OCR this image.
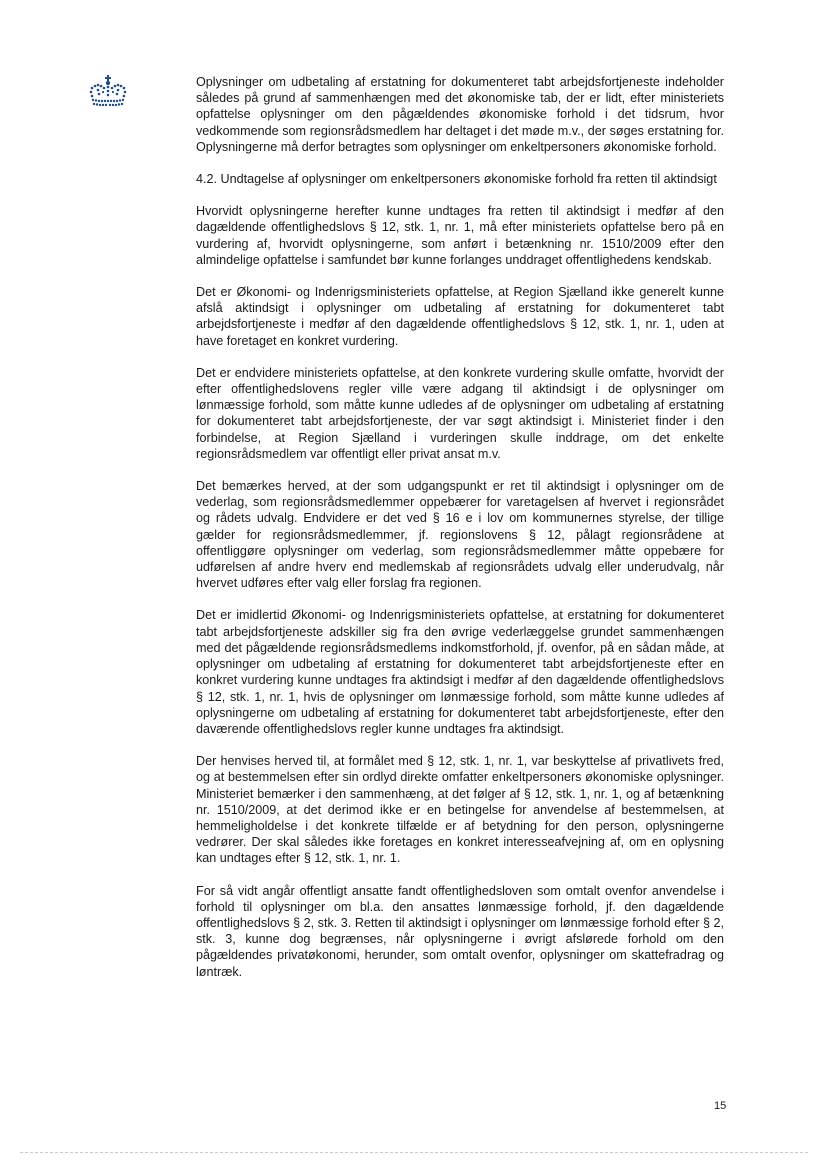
Oplysninger om udbetaling af erstatning for dokumenteret tabt arbejdsfortjeneste indeholder således på grund af sammenhængen med det økonomiske tab, der er lidt, efter ministeriets opfattelse oplysninger om den pågældendes økonomiske forhold i det tidsrum, hvor vedkommende som regionsrådsmedlem har deltaget i det møde m.v., der søges erstatning for. Oplysningerne må derfor betragtes som oplysninger om enkeltpersoners økonomiske forhold.

4.2. Undtagelse af oplysninger om enkeltpersoners økonomiske forhold fra retten til aktindsigt

Hvorvidt oplysningerne herefter kunne undtages fra retten til aktindsigt i medfør af den dagældende offentlighedslovs § 12, stk. 1, nr. 1, må efter ministeriets opfattelse bero på en vurdering af, hvorvidt oplysningerne, som anført i betænkning nr. 1510/2009 efter den almindelige opfattelse i samfundet bør kunne forlanges unddraget offentlighedens kendskab.

Det er Økonomi- og Indenrigsministeriets opfattelse, at Region Sjælland ikke generelt kunne afslå aktindsigt i oplysninger om udbetaling af erstatning for dokumenteret tabt arbejdsfortjeneste i medfør af den dagældende offentlighedslovs § 12, stk. 1, nr. 1, uden at have foretaget en konkret vurdering.

Det er endvidere ministeriets opfattelse, at den konkrete vurdering skulle omfatte, hvorvidt der efter offentlighedslovens regler ville være adgang til aktindsigt i de oplysninger om lønmæssige forhold, som måtte kunne udledes af de oplysninger om udbetaling af erstatning for dokumenteret tabt arbejdsfortjeneste, der var søgt aktindsigt i. Ministeriet finder i den forbindelse, at Region Sjælland i vurderingen skulle inddrage, om det enkelte regionsrådsmedlem var offentligt eller privat ansat m.v.

Det bemærkes herved, at der som udgangspunkt er ret til aktindsigt i oplysninger om de vederlag, som regionsrådsmedlemmer oppebærer for varetagelsen af hvervet i regionsrådet og rådets udvalg. Endvidere er det ved § 16 e i lov om kommunernes styrelse, der tillige gælder for regionsrådsmedlemmer, jf. regionslovens § 12, pålagt regionsrådene at offentliggøre oplysninger om vederlag, som regionsrådsmedlemmer måtte oppebære for udførelsen af andre hverv end medlemskab af regionsrådets udvalg eller underudvalg, når hvervet udføres efter valg eller forslag fra regionen.

Det er imidlertid Økonomi- og Indenrigsministeriets opfattelse, at erstatning for dokumenteret tabt arbejdsfortjeneste adskiller sig fra den øvrige vederlæggelse grundet sammenhængen med det pågældende regionsrådsmedlems indkomstforhold, jf. ovenfor, på en sådan måde, at oplysninger om udbetaling af erstatning for dokumenteret tabt arbejdsfortjeneste efter en konkret vurdering kunne undtages fra aktindsigt i medfør af den dagældende offentlighedslovs § 12, stk. 1, nr. 1, hvis de oplysninger om lønmæssige forhold, som måtte kunne udledes af oplysningerne om udbetaling af erstatning for dokumenteret tabt arbejdsfortjeneste, efter den daværende offentlighedslovs regler kunne undtages fra aktindsigt.

Der henvises herved til, at formålet med § 12, stk. 1, nr. 1, var beskyttelse af privatlivets fred, og at bestemmelsen efter sin ordlyd direkte omfatter enkeltpersoners økonomiske oplysninger. Ministeriet bemærker i den sammenhæng, at det følger af § 12, stk. 1, nr. 1, og af betænkning nr. 1510/2009, at det derimod ikke er en betingelse for anvendelse af bestemmelsen, at hemmeligholdelse i det konkrete tilfælde er af betydning for den person, oplysningerne vedrører. Der skal således ikke foretages en konkret interesseafvejning af, om en oplysning kan undtages efter § 12, stk. 1, nr. 1.

For så vidt angår offentligt ansatte fandt offentlighedsloven som omtalt ovenfor anvendelse i forhold til oplysninger om bl.a. den ansattes lønmæssige forhold, jf. den dagældende offentlighedslovs § 2, stk. 3. Retten til aktindsigt i oplysninger om lønmæssige forhold efter § 2, stk. 3, kunne dog begrænses, når oplysningerne i øvrigt afslørede forhold om den pågældendes privatøkonomi, herunder, som omtalt ovenfor, oplysninger om skattefradrag og løntræk.

15
